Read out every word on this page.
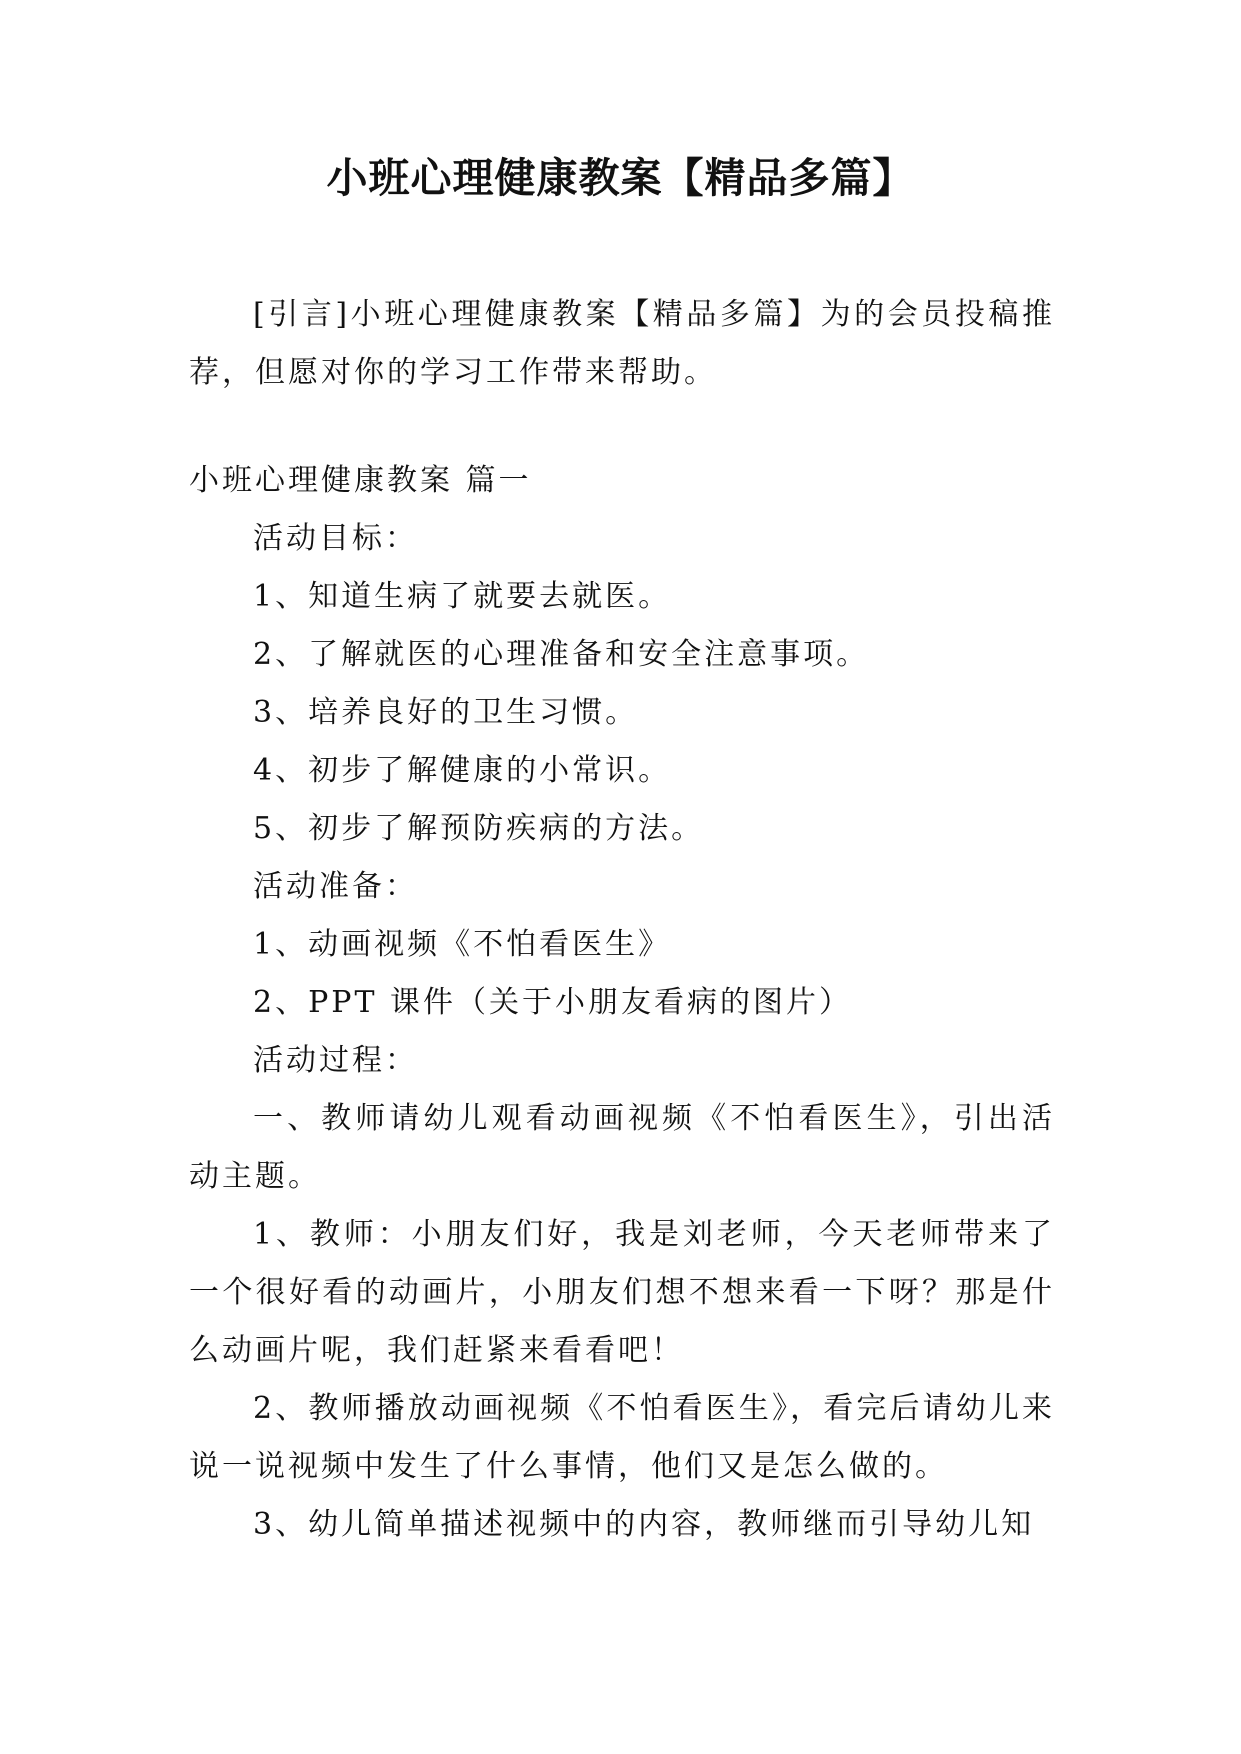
小班心理健康教案【精品多篇】

[引言]小班心理健康教案【精品多篇】为的会员投稿推荐，但愿对你的学习工作带来帮助。

小班心理健康教案 篇一

活动目标：

1、知道生病了就要去就医。

2、了解就医的心理准备和安全注意事项。

3、培养良好的卫生习惯。

4、初步了解健康的小常识。

5、初步了解预防疾病的方法。

活动准备：

1、动画视频《不怕看医生》

2、PPT 课件（关于小朋友看病的图片）

活动过程：

一、教师请幼儿观看动画视频《不怕看医生》，引出活动主题。

1、教师：小朋友们好，我是刘老师，今天老师带来了一个很好看的动画片，小朋友们想不想来看一下呀？那是什么动画片呢，我们赶紧来看看吧！

2、教师播放动画视频《不怕看医生》，看完后请幼儿来说一说视频中发生了什么事情，他们又是怎么做的。

3、幼儿简单描述视频中的内容，教师继而引导幼儿知
